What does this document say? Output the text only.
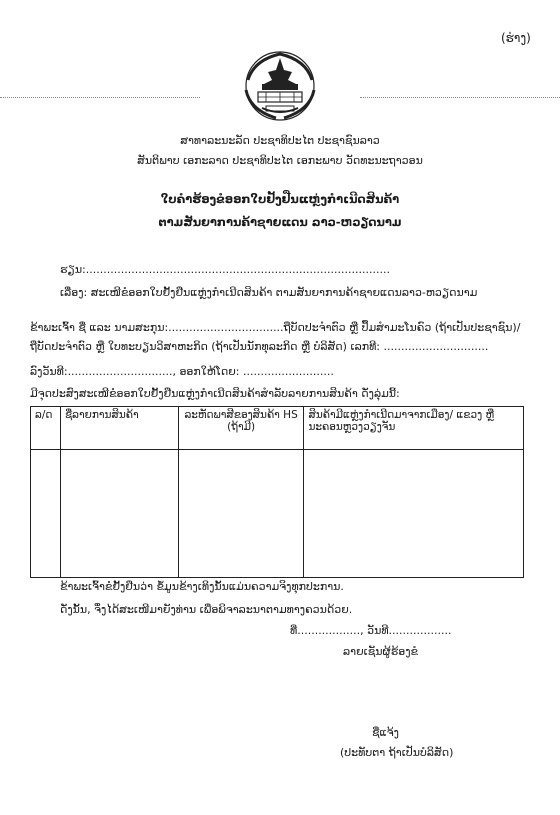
(ຮ່າງ)
ສາທາລະນະລັດ ປະຊາທິປະໄຕ ປະຊາຊົນລາວ
ສັນຕິພາບ ເອກະລາດ ປະຊາທິປະໄຕ ເອກະພາບ ວັດທະນະຖາວອນ
ໃບຄຳຮ້ອງຂໍອອກໃບຢັ້ງຢືນແຫຼ່ງກຳເນີດສິນຄ້າ
ຕາມສັນຍາການຄ້າຊາຍແດນ ລາວ-ຫວຽດນາມ
ຮຽນ:.......................................................................................
ເລື່ອງ: ສະເໜີຂໍອອກໃບຢັ້ງຢືນແຫຼ່ງກຳເນີດສິນຄ້າ ຕາມສັນຍາການຄ້າຊາຍແດນລາວ-ຫວຽດນາມ
ຂ້າພະເຈົ້າ ຊື່ ແລະ ນາມສະກຸນ:.................................ຖືບັດປະຈຳຕົວ ຫຼື ປຶ້ມສຳມະໂນຄົວ (ຖ້າເປັນປະຊາຊົນ)/
ຖືບັດປະຈຳຕົວ ຫຼື ໃບທະບຽນວິສາຫະກິດ (ຖ້າເປັນນັກທຸລະກິດ ຫຼື ບໍລິສັດ) ເລກທີ: ..............................
ລົງວັນທີ:.............................., ອອກໃຫ້ໂດຍ: ..........................
ມີຈຸດປະສົງສະເໜີຂໍອອກໃບຢັ້ງຢືນແຫຼ່ງກຳເນີດສິນຄ້າສຳລັບລາຍການສິນຄ້າ ດັ່ງລຸ່ມນີ້:
ລ/ດ	ຊື່ລາຍການສິນຄ້າ	ລະຫັດພາສີຂອງສິນຄ້າ HS (ຖ້າມີ)	ສິນຄ້າມີແຫຼ່ງກຳເນີດມາຈາກເມືອງ/ ແຂວງ ຫຼື ນະຄອນຫຼວງວຽງຈັນ

ຂ້າພະເຈົ້າຂໍຢັ້ງຢືນວ່າ ຂໍ້ມູນຂ້າງເທິງນັ້ນແມ່ນຄວາມຈິງທຸກປະການ.
ດັ່ງນັ້ນ, ຈຶ່ງໄດ້ສະເໜີມາຍັງທ່ານ ເພື່ອພິຈາລະນາຕາມທາງຄວນດ້ວຍ.
ທີ່.................., ວັນທີ..................
ລາຍເຊັນຜູ້ຮ້ອງຂໍ
ຊື່ແຈ້ງ
(ປະທັບຕາ ຖ້າເປັນບໍລິສັດ)
